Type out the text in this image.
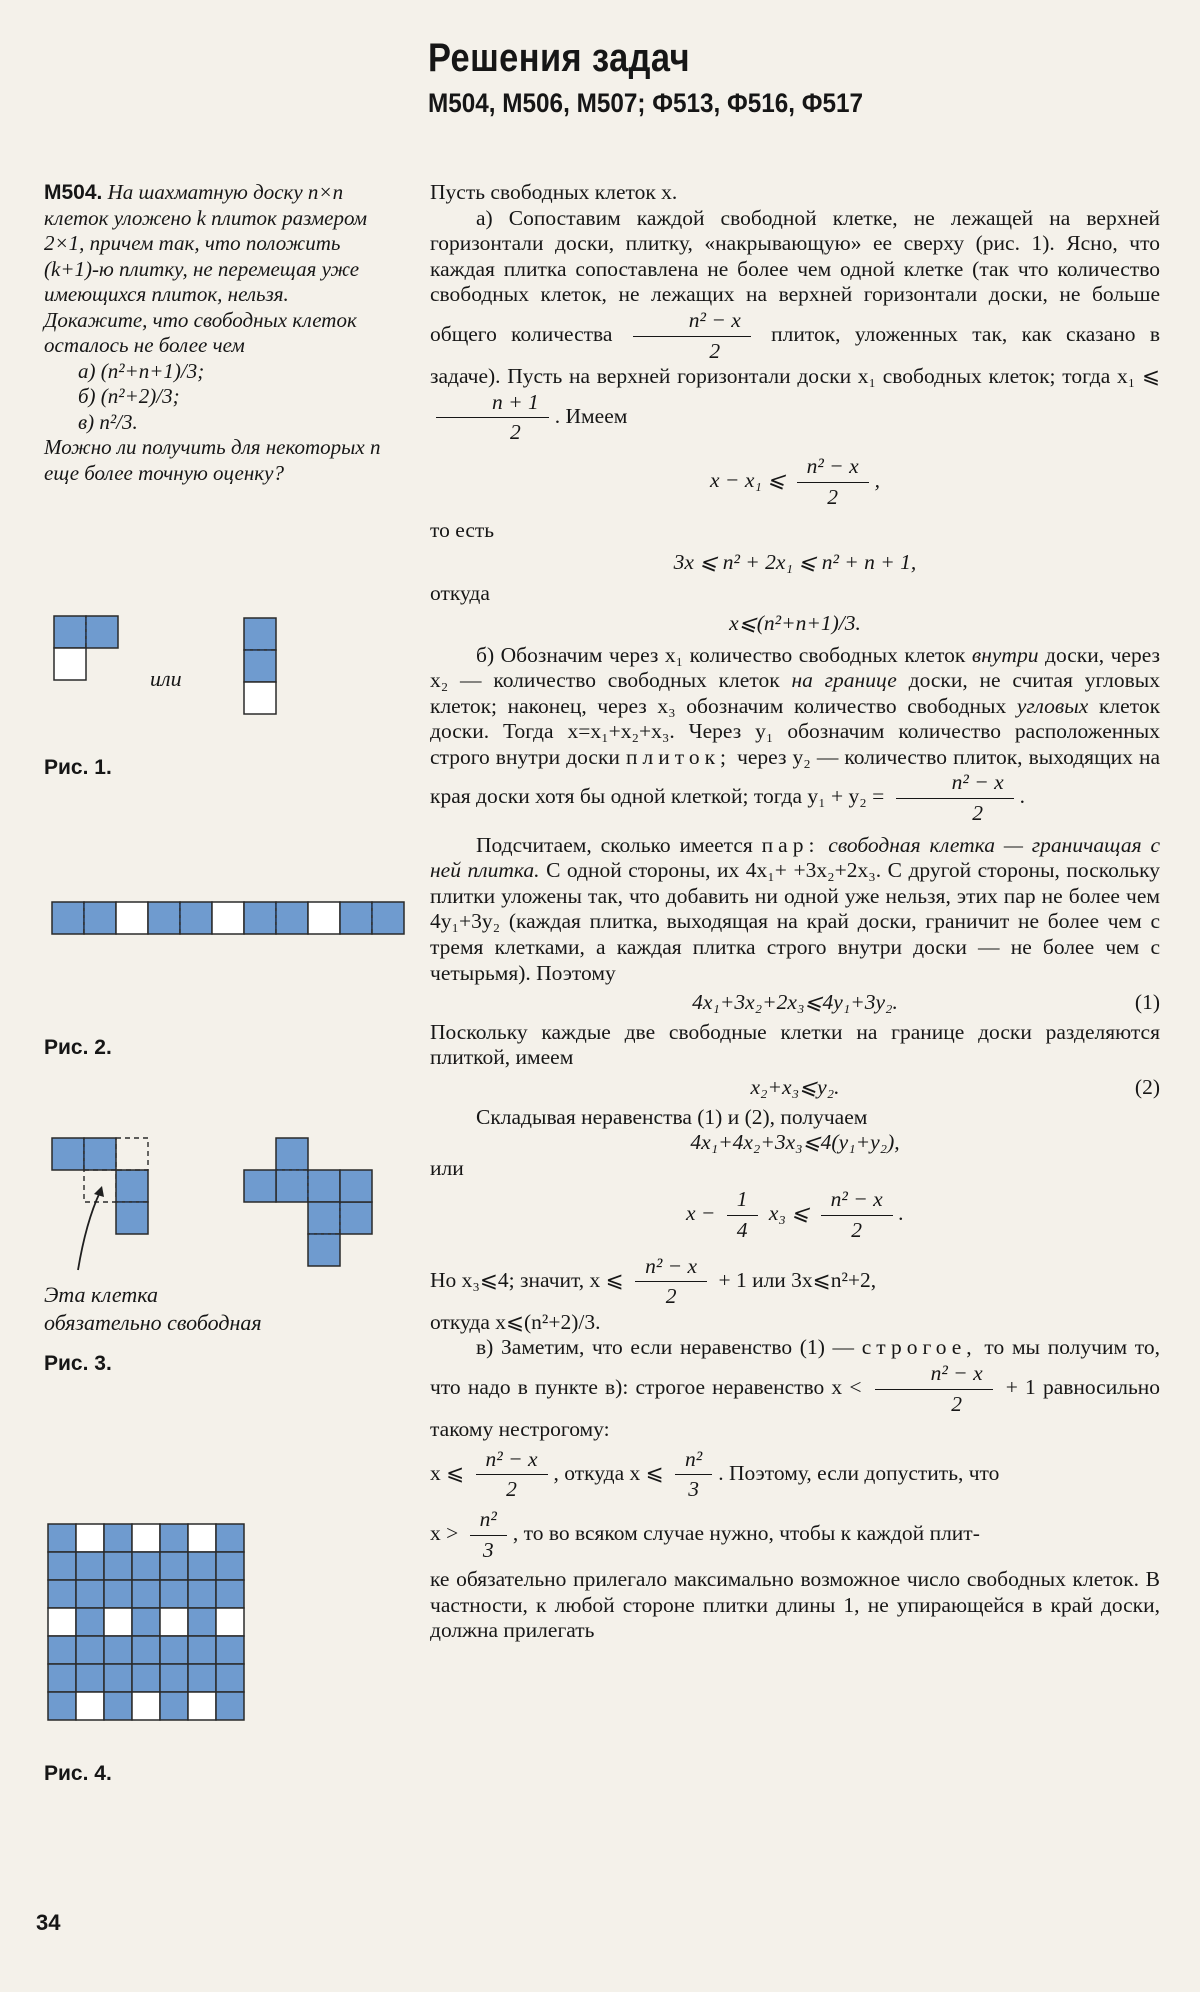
Решения задач
М504, М506, М507; Ф513, Ф516, Ф517
М504. На шахматную доску n×n клеток уложено k плиток размером 2×1, причем так, что положить (k+1)-ю плитку, не перемещая уже имеющихся плиток, нельзя. Докажите, что свободных клеток осталось не более чем
а) (n²+n+1)/3;
б) (n²+2)/3;
в) n²/3.
Можно ли получить для некоторых n еще более точную оценку?
или
Рис. 1.
Рис. 2.
Эта клетка
обязательно свободная
Рис. 3.
Рис. 4.

Пусть свободных клеток x.

а) Сопоставим каждой свободной клетке, не лежащей на верхней горизонтали доски, плитку, «накрывающую» ее сверху (рис. 1). Ясно, что каждая плитка сопоставлена не более чем одной клетке (так что количество свободных клеток, не лежащих на верхней горизонтали доски, не больше общего количества $\frac{\text{n² − x}}{2}$ плиток, уложенных так, как сказано в задаче). Пусть на верхней горизонтали доски x₁ свободных клеток; тогда x₁ ⩽
$\frac{n + 1}{2}$ . Имеем

x − x₁ ⩽ $\frac{\text{n² − x}}{2}$ ,

то есть

3x ⩽ n² + 2x₁ ⩽ n² + n + 1,

откуда

x⩽(n²+n+1)/3.

б) Обозначим через x₁ количество свободных клеток внутри доски, через x₂ — количество свободных клеток на границе доски, не считая угловых клеток; наконец, через x₃ обозначим количество свободных угловых клеток доски. Тогда x=x₁+x₂+x₃. Через y₁ обозначим количество расположенных строго внутри доски плиток; через y₂ — количество плиток, выходящих на края доски хотя бы одной клеткой; тогда $y_1 + y_2 = \frac{\text{n² − x}}{2}$ .

Подсчитаем, сколько имеется пар: свободная клетка — граничащая с ней плитка. С одной стороны, их 4x₁+ +3x₂+2x₃. С другой стороны, поскольку плитки уложены так, что добавить ни одной уже нельзя, этих пар не более чем 4y₁+3y₂ (каждая плитка, выходящая на край доски, граничит не более чем с тремя клетками, а каждая плитка строго внутри доски — не более чем с четырьмя). Поэтому

4x₁+3x₂+2x₃⩽4y₁+3y₂.	(1)

Поскольку каждые две свободные клетки на границе доски разделяются плиткой, имеем

x₂+x₃⩽y₂.	(2)

Складывая неравенства (1) и (2), получаем

4x₁+4x₂+3x₃⩽4(y₁+y₂),

или

$x - \frac{1}{4} x_3$ ⩽ $\frac{\text{n² − x}}{2}$ .

Но x₃⩽4; значит, x ⩽ $\frac{\text{n² − x}}{2} + 1$ или 3x⩽n²+2,

откуда x⩽(n²+2)/3.

в) Заметим, что если неравенство (1) — строгое, то мы получим то, что надо в пункте в): строгое неравенство $x < \frac{\text{n² − x}}{2} + 1$ равносильно такому нестрогому:

x ⩽ $\frac{\text{n² − x}}{2}$ , откуда x ⩽ $\frac{\text{n²}}{3}$ . Поэтому, если допустить, что

$x > \frac{\text{n²}}{3}$ , то во всяком случае нужно, чтобы к каждой плит-

ке обязательно прилегало максимально возможное число свободных клеток. В частности, к любой стороне плитки длины 1, не упирающейся в край доски, должна прилегать

34
